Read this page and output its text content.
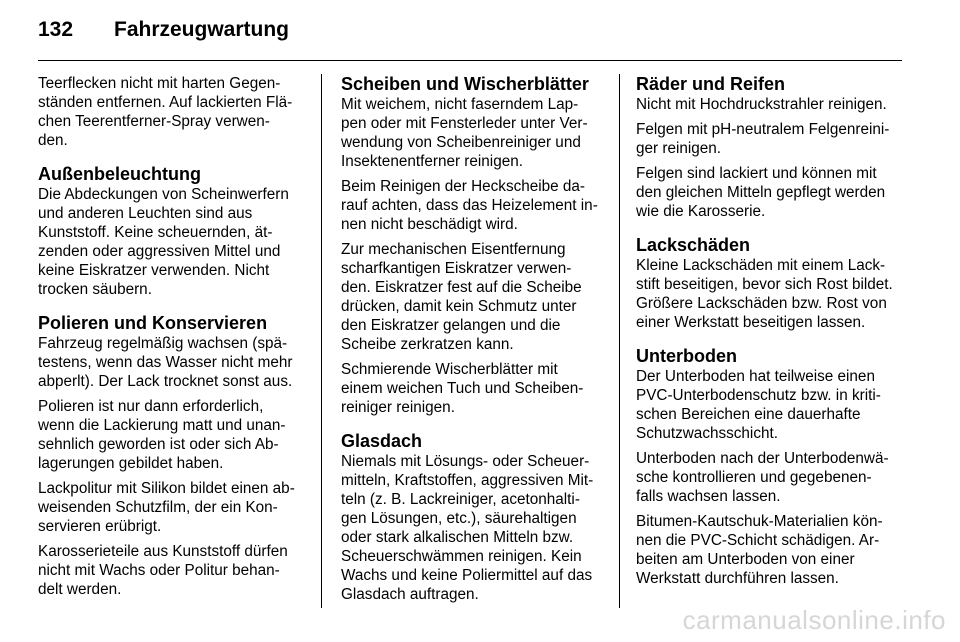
132	Fahrzeugwartung

Teerflecken nicht mit harten Gegen-
ständen entfernen. Auf lackierten Flä-
chen Teerentferner-Spray verwen-
den.

Außenbeleuchtung

Die Abdeckungen von Scheinwerfern
und anderen Leuchten sind aus
Kunststoff. Keine scheuernden, ät-
zenden oder aggressiven Mittel und
keine Eiskratzer verwenden. Nicht
trocken säubern.

Polieren und Konservieren

Fahrzeug regelmäßig wachsen (spä-
testens, wenn das Wasser nicht mehr
abperlt). Der Lack trocknet sonst aus.

Polieren ist nur dann erforderlich,
wenn die Lackierung matt und unan-
sehnlich geworden ist oder sich Ab-
lagerungen gebildet haben.

Lackpolitur mit Silikon bildet einen ab-
weisenden Schutzfilm, der ein Kon-
servieren erübrigt.

Karosserieteile aus Kunststoff dürfen
nicht mit Wachs oder Politur behan-
delt werden.

Scheiben und Wischerblätter

Mit weichem, nicht faserndem Lap-
pen oder mit Fensterleder unter Ver-
wendung von Scheibenreiniger und
Insektenentferner reinigen.

Beim Reinigen der Heckscheibe da-
rauf achten, dass das Heizelement in-
nen nicht beschädigt wird.

Zur mechanischen Eisentfernung
scharfkantigen Eiskratzer verwen-
den. Eiskratzer fest auf die Scheibe
drücken, damit kein Schmutz unter
den Eiskratzer gelangen und die
Scheibe zerkratzen kann.

Schmierende Wischerblätter mit
einem weichen Tuch und Scheiben-
reiniger reinigen.

Glasdach

Niemals mit Lösungs- oder Scheuer-
mitteln, Kraftstoffen, aggressiven Mit-
teln (z. B. Lackreiniger, acetonhalti-
gen Lösungen, etc.), säurehaltigen
oder stark alkalischen Mitteln bzw.
Scheuerschwämmen reinigen. Kein
Wachs und keine Poliermittel auf das
Glasdach auftragen.

Räder und Reifen

Nicht mit Hochdruckstrahler reinigen.

Felgen mit pH-neutralem Felgenreini-
ger reinigen.

Felgen sind lackiert und können mit
den gleichen Mitteln gepflegt werden
wie die Karosserie.

Lackschäden

Kleine Lackschäden mit einem Lack-
stift beseitigen, bevor sich Rost bildet.
Größere Lackschäden bzw. Rost von
einer Werkstatt beseitigen lassen.

Unterboden

Der Unterboden hat teilweise einen
PVC-Unterbodenschutz bzw. in kriti-
schen Bereichen eine dauerhafte
Schutzwachsschicht.

Unterboden nach der Unterbodenwä-
sche kontrollieren und gegebenen-
falls wachsen lassen.

Bitumen-Kautschuk-Materialien kön-
nen die PVC-Schicht schädigen. Ar-
beiten am Unterboden von einer
Werkstatt durchführen lassen.

carmanualsonline.info
